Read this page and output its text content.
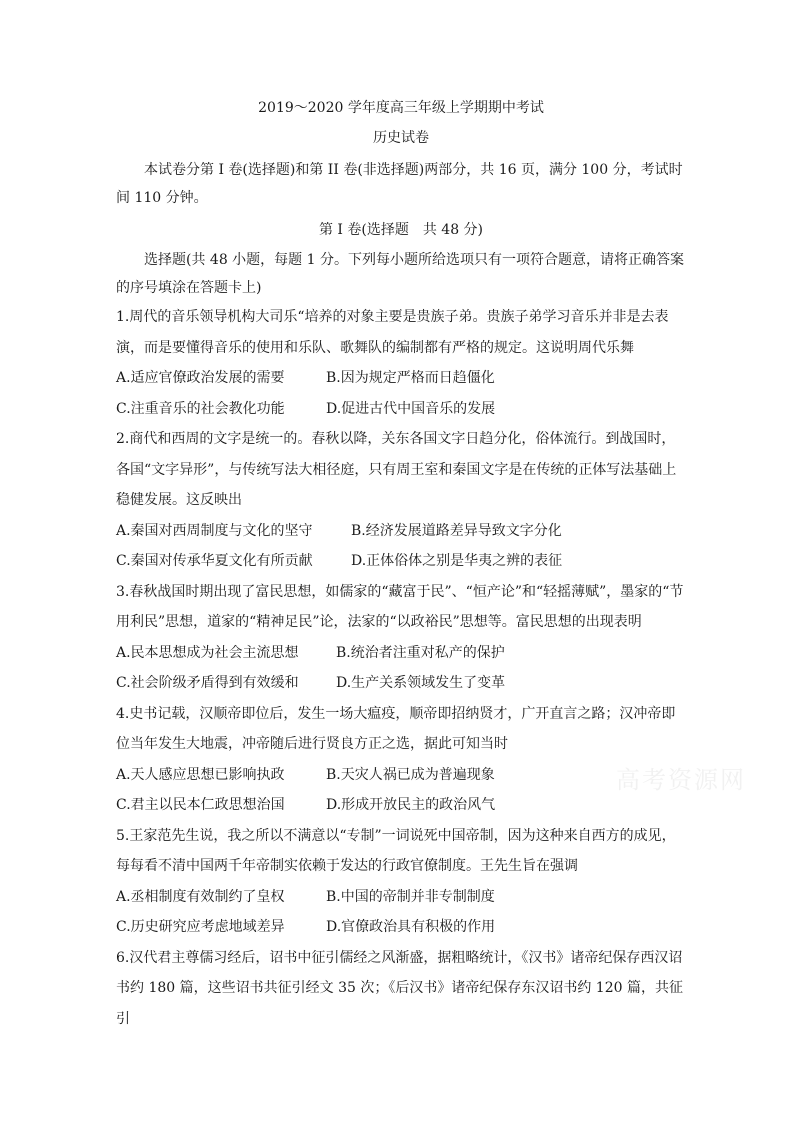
2019～2020 学年度高三年级上学期期中考试

历史试卷

本试卷分第 I 卷(选择题)和第 II 卷(非选择题)两部分，共 16 页，满分 100 分，考试时间 110 分钟。

第 I 卷(选择题　共 48 分)

选择题(共 48 小题，每题 1 分。下列每小题所给选项只有一项符合题意，请将正确答案的序号填涂在答题卡上)

1.周代的音乐领导机构大司乐“培养的对象主要是贵族子弟。贵族子弟学习音乐并非是去表演，而是要懂得音乐的使用和乐队、歌舞队的编制都有严格的规定。这说明周代乐舞

A.适应官僚政治发展的需要	B.因为规定严格而日趋僵化

C.注重音乐的社会教化功能	D.促进古代中国音乐的发展

2.商代和西周的文字是统一的。春秋以降，关东各国文字日趋分化，俗体流行。到战国时，各国“文字异形”，与传统写法大相径庭，只有周王室和秦国文字是在传统的正体写法基础上稳健发展。这反映出

A.秦国对西周制度与文化的坚守	B.经济发展道路差异导致文字分化

C.秦国对传承华夏文化有所贡献	D.正体俗体之别是华夷之辨的表征

3.春秋战国时期出现了富民思想，如儒家的“藏富于民”、“恒产论”和“轻摇薄赋”，墨家的“节用利民”思想，道家的“精神足民”论，法家的“以政裕民”思想等。富民思想的出现表明

A.民本思想成为社会主流思想	B.统治者注重对私产的保护

C.社会阶级矛盾得到有效缓和	D.生产关系领域发生了变革

4.史书记载，汉顺帝即位后，发生一场大瘟疫，顺帝即招纳贤才，广开直言之路；汉冲帝即位当年发生大地震，冲帝随后进行贤良方正之选，据此可知当时

A.天人感应思想已影响执政	B.天灾人祸已成为普遍现象

C.君主以民本仁政思想治国	D.形成开放民主的政治风气

5.王家范先生说，我之所以不满意以“专制”一词说死中国帝制，因为这种来自西方的成见，每每看不清中国两千年帝制实依赖于发达的行政官僚制度。王先生旨在强调

A.丞相制度有效制约了皇权	B.中国的帝制并非专制制度

C.历史研究应考虑地域差异	D.官僚政治具有积极的作用

6.汉代君主尊儒习经后，诏书中征引儒经之风渐盛，据粗略统计，《汉书》诸帝纪保存西汉诏书约 180 篇，这些诏书共征引经文 35 次；《后汉书》诸帝纪保存东汉诏书约 120 篇，共征引

高考资源网
